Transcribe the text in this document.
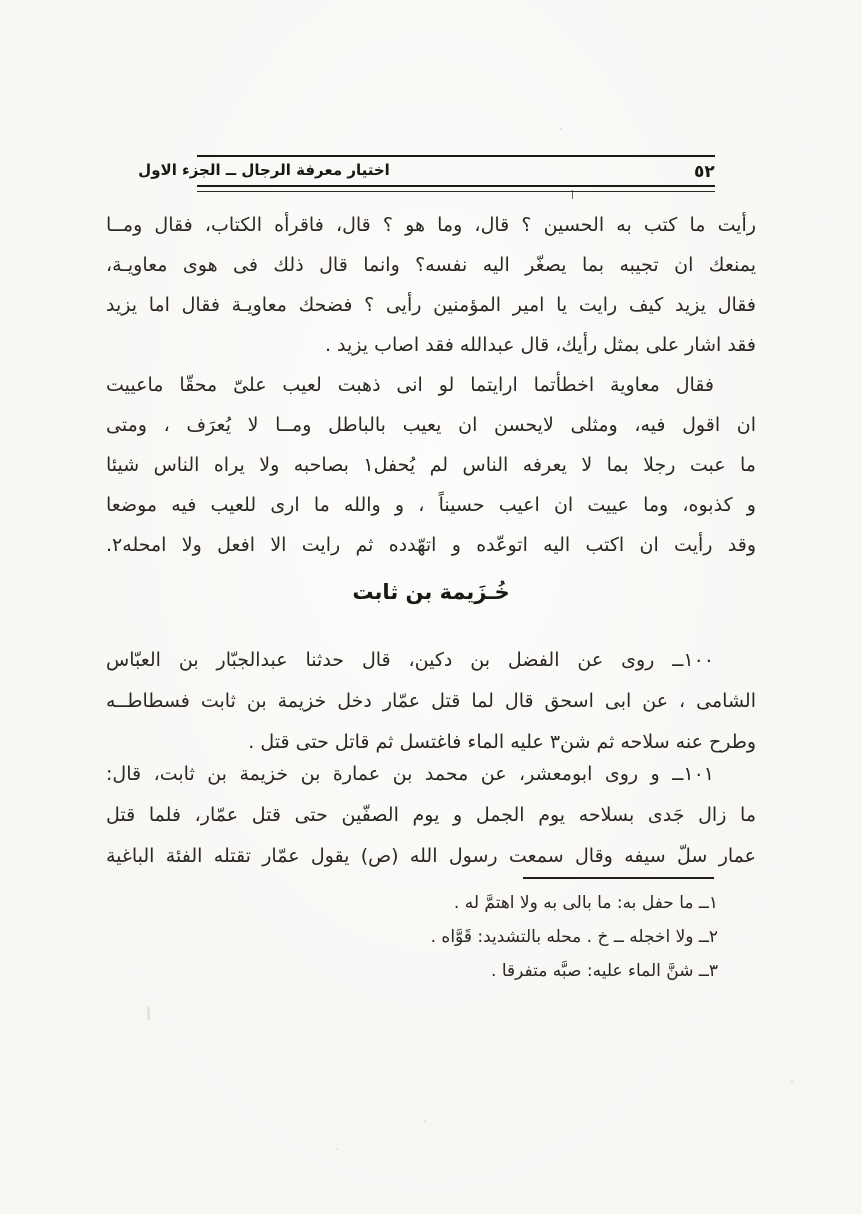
اختيار معرفة الرجال ــ الجزء الاول	٥٢
رأيت ما كتب به الحسين ؟ قال، وما هو ؟ قال، فاقرأه الكتاب، فقال ومــا
يمنعك ان تجيبه بما يصغّر اليه نفسه؟ وانما قال ذلك فى هوى معاويـة،
فقال يزيد كيف رايت يا امير المؤمنين رأيى ؟ فضحك معاويـة فقال اما يزيد
فقد اشار على بمثل رأيك، قال عبدالله فقد اصاب يزيد .
فقال معاوية اخطأتما ارايتما لو انى ذهبت لعيب علىّ محقّا ماعييت
ان اقول فيه، ومثلى لايحسن ان يعيب بالباطل ومــا لا يُعرَف ، ومتى
ما عبت رجلا بما لا يعرفه الناس لم يُحفل١ بصاحبه ولا يراه الناس شيئا
و كذبوه، وما عييت ان اعيب حسيناً ، و والله ما ارى للعيب فيه موضعا
وقد رأيت ان اكتب اليه اتوعّده و اتهّدده ثم رايت الا افعل ولا امحله٢.
خُـزَيمة بن ثابت
١٠٠ــ روى عن الفضل بن دكين، قال حدثنا عبدالجبّار بن العبّاس
الشامى ، عن ابى اسحق قال لما قتل عمّار دخل خزيمة بن ثابت فسطاطــه
وطرح عنه سلاحه ثم شن٣ عليه الماء فاغتسل ثم قاتل حتى قتل .
١٠١ــ و روى ابومعشر، عن محمد بن عمارة بن خزيمة بن ثابت، قال:
ما زال جَدى بسلاحه يوم الجمل و يوم الصفّين حتى قتل عمّار، فلما قتل
عمار سلّ سيفه وقال سمعت رسول الله (ص) يقول عمّار تقتله الفئة الباغية
١ــ ما حفل به: ما بالى به ولا اهتمَّ له .
٢ــ ولا اخجله ــ خ . محله بالتشديد: قَوَّاه .
٣ــ شنَّ الماء عليه: صبَّه متفرقا .
